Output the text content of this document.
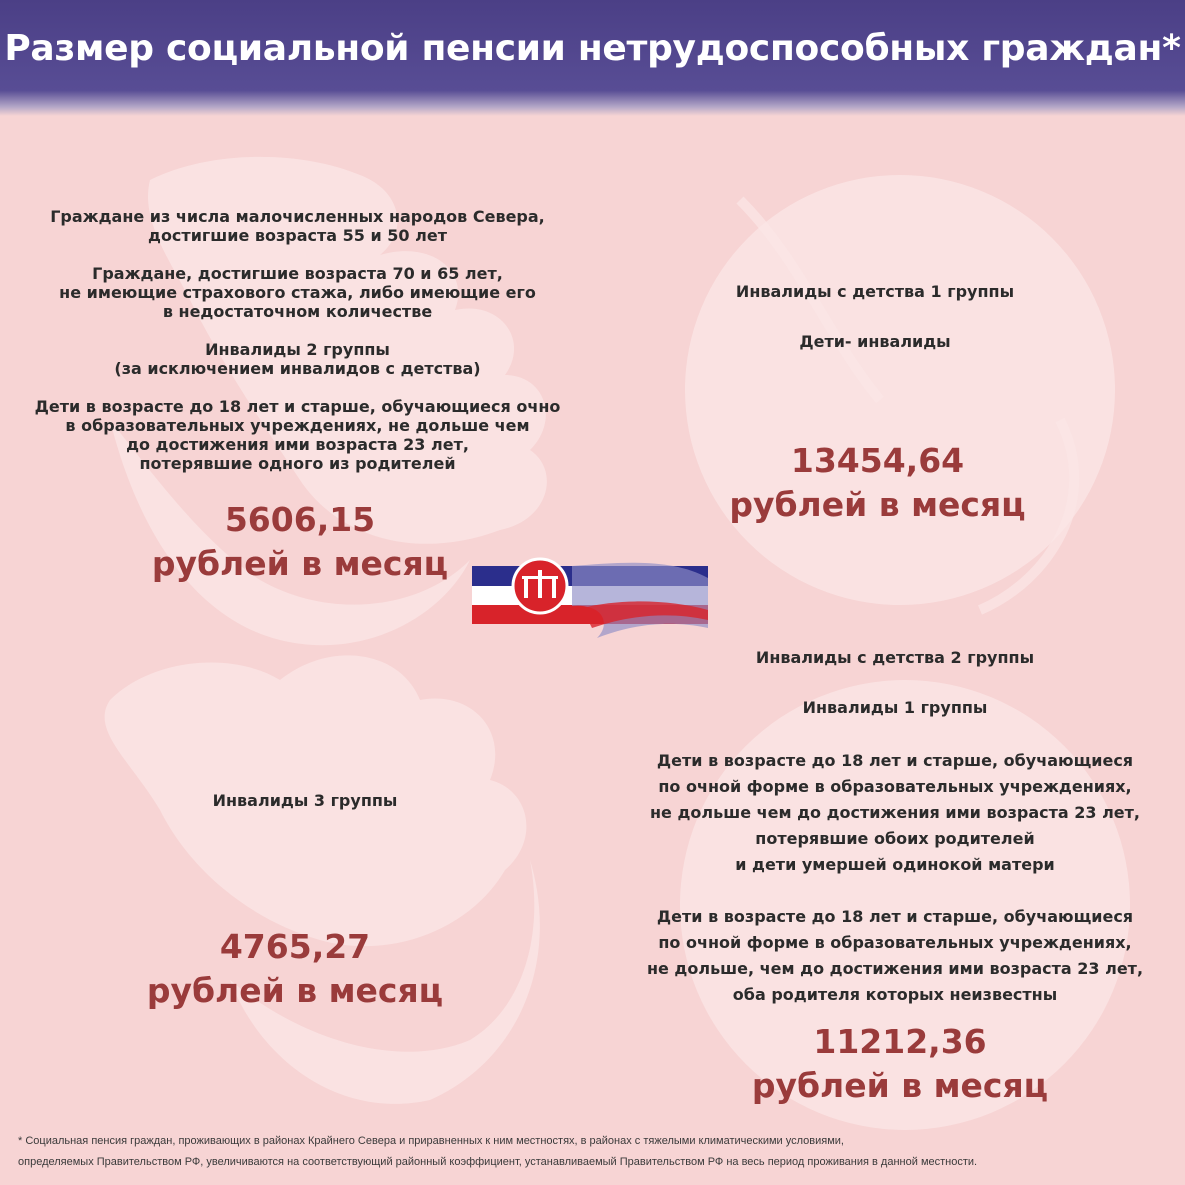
Размер социальной пенсии нетрудоспособных граждан*

Граждане из числа малочисленных народов Севера,

достигшие возраста 55 и 50 лет

Граждане, достигшие возраста 70 и 65 лет,

не имеющие страхового стажа, либо имеющие его

в недостаточном количестве

Инвалиды 2 группы

(за исключением инвалидов с детства)

Дети в возрасте до 18 лет и старше, обучающиеся очно

в образовательных учреждениях, не дольше чем

до достижения ими возраста 23 лет,

потерявшие одного из родителей

5606,15
рублей в месяц

Инвалиды с детства 1 группы

Дети- инвалиды

13454,64
рублей в месяц

Инвалиды 3 группы

4765,27
рублей в месяц

Инвалиды с детства 2 группы

Инвалиды 1 группы

Дети в возрасте до 18 лет и старше, обучающиеся

по очной форме в образовательных учреждениях,

не дольше чем до достижения ими возраста 23 лет,

потерявшие обоих родителей

и дети умершей одинокой матери

Дети в возрасте до 18 лет и старше, обучающиеся

по очной форме в образовательных учреждениях,

не дольше, чем до достижения ими возраста 23 лет,

оба родителя которых неизвестны

11212,36
рублей в месяц
* Социальная пенсия граждан, проживающих в районах Крайнего Севера и приравненных к ним местностях, в районах с тяжелыми климатическими условиями,
определяемых Правительством РФ, увеличиваются на соответствующий районный коэффициент, устанавливаемый Правительством РФ на весь период проживания в данной местности.
